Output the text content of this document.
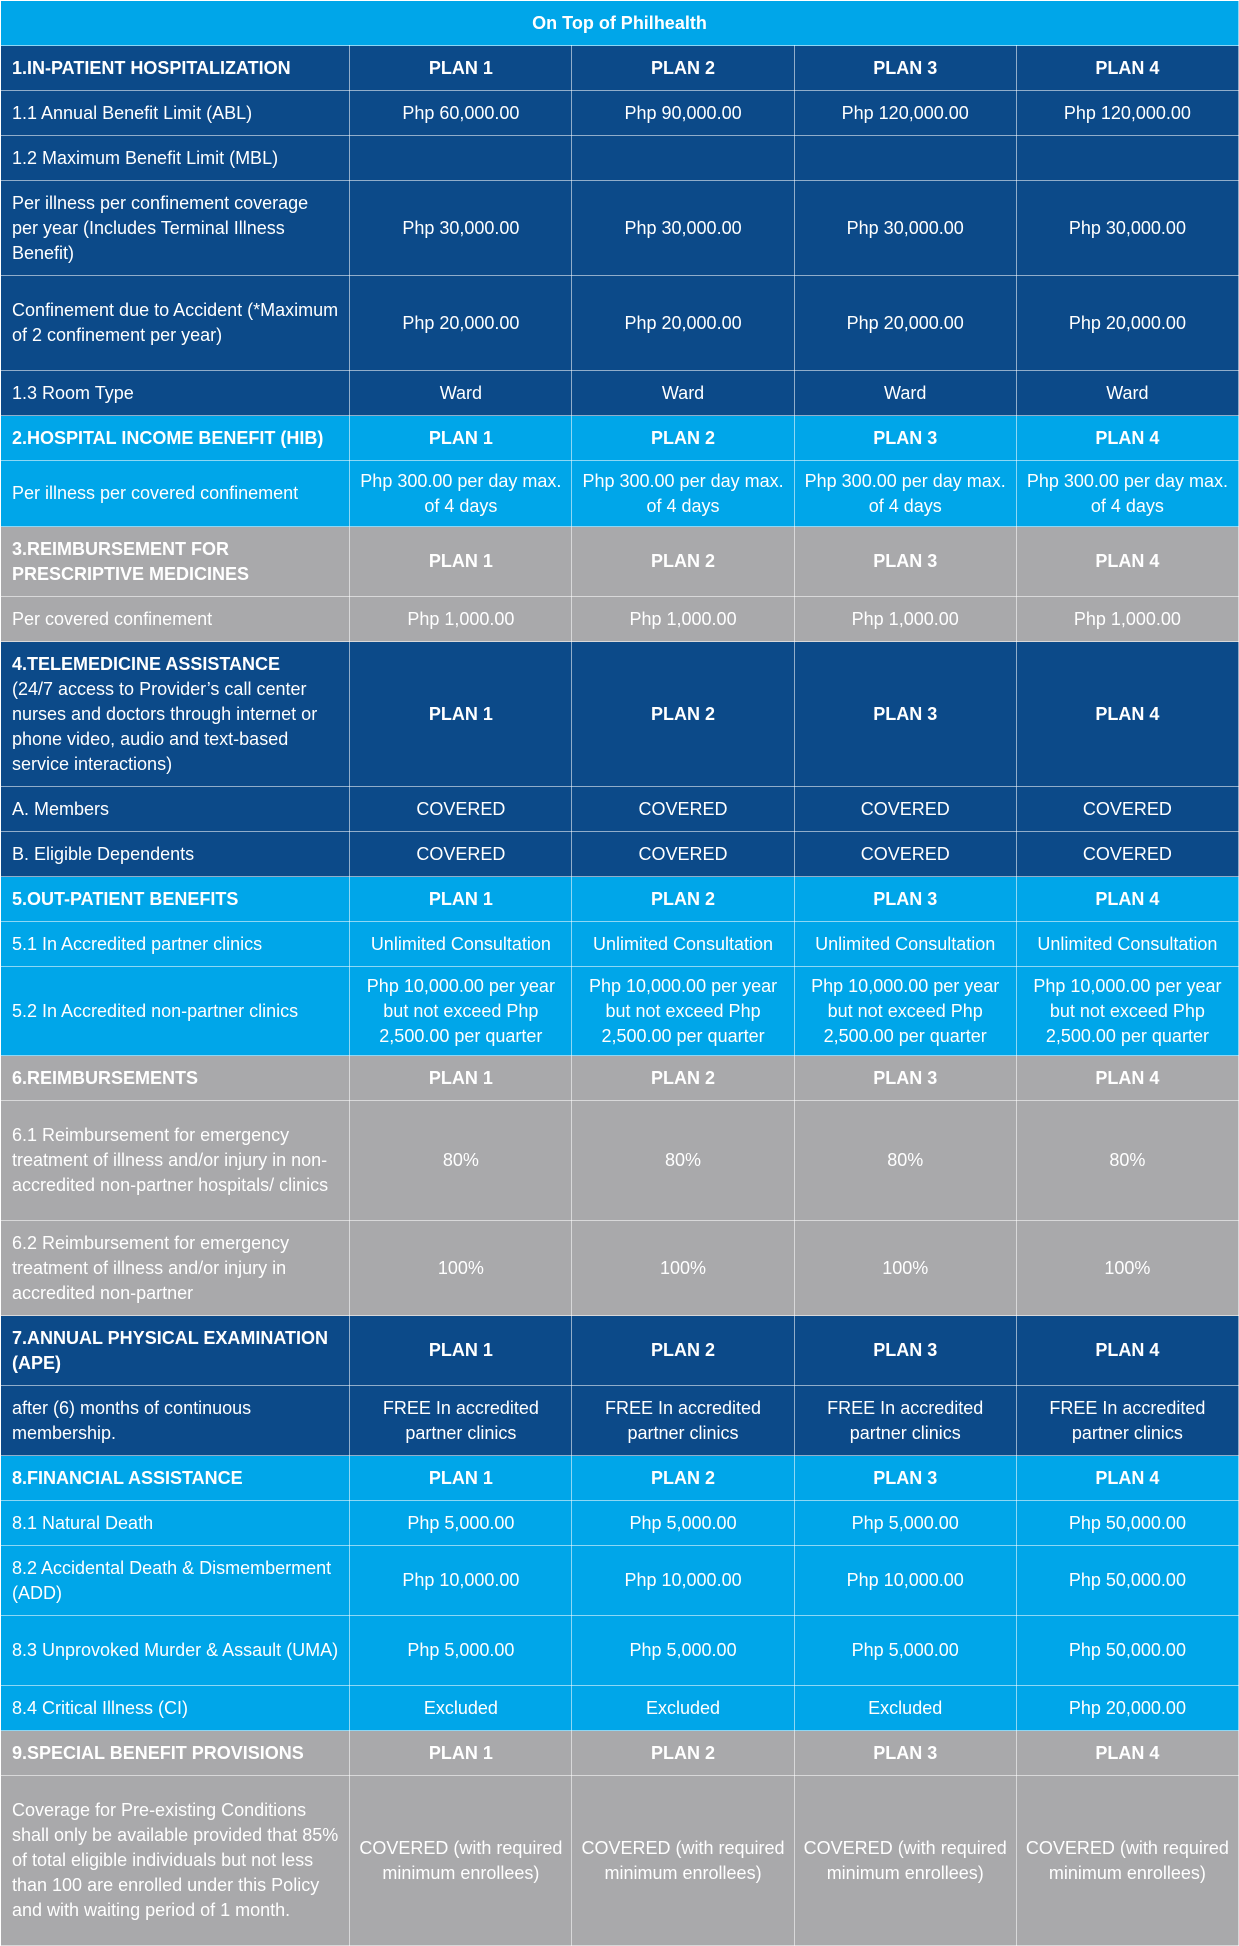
On Top of Philhealth				
1.IN-PATIENT HOSPITALIZATION	PLAN 1	PLAN 2	PLAN 3	PLAN 4
1.1 Annual Benefit Limit (ABL)	Php 60,000.00	Php 90,000.00	Php 120,000.00	Php 120,000.00
1.2 Maximum Benefit Limit (MBL)				
Per illness per confinement coverage per year (Includes Terminal Illness Benefit)	Php 30,000.00	Php 30,000.00	Php 30,000.00	Php 30,000.00
Confinement due to Accident (*Maximum of 2 confinement per year)	Php 20,000.00	Php 20,000.00	Php 20,000.00	Php 20,000.00
1.3 Room Type	Ward	Ward	Ward	Ward
2.HOSPITAL INCOME BENEFIT (HIB)	PLAN 1	PLAN 2	PLAN 3	PLAN 4
Per illness per covered confinement	Php 300.00 per day max. of 4 days	Php 300.00 per day max. of 4 days	Php 300.00 per day max. of 4 days	Php 300.00 per day max. of 4 days
3.REIMBURSEMENT FOR PRESCRIPTIVE MEDICINES	PLAN 1	PLAN 2	PLAN 3	PLAN 4
Per covered confinement	Php 1,000.00	Php 1,000.00	Php 1,000.00	Php 1,000.00
4.TELEMEDICINE ASSISTANCE
(24/7 access to Provider’s call center nurses and doctors through internet or phone video, audio and text-based service interactions)	PLAN 1	PLAN 2	PLAN 3	PLAN 4
A. Members	COVERED	COVERED	COVERED	COVERED
B. Eligible Dependents	COVERED	COVERED	COVERED	COVERED
5.OUT-PATIENT BENEFITS	PLAN 1	PLAN 2	PLAN 3	PLAN 4
5.1 In Accredited partner clinics	Unlimited Consultation	Unlimited Consultation	Unlimited Consultation	Unlimited Consultation
5.2 In Accredited non-partner clinics	Php 10,000.00 per year but not exceed Php 2,500.00 per quarter	Php 10,000.00 per year but not exceed Php 2,500.00 per quarter	Php 10,000.00 per year but not exceed Php 2,500.00 per quarter	Php 10,000.00 per year but not exceed Php 2,500.00 per quarter
6.REIMBURSEMENTS	PLAN 1	PLAN 2	PLAN 3	PLAN 4
6.1 Reimbursement for emergency treatment of illness and/or injury in non-accredited non-partner hospitals/ clinics	80%	80%	80%	80%
6.2 Reimbursement for emergency treatment of illness and/or injury in accredited non-partner	100%	100%	100%	100%
7.ANNUAL PHYSICAL EXAMINATION (APE)	PLAN 1	PLAN 2	PLAN 3	PLAN 4
after (6) months of continuous membership.	FREE In accredited partner clinics	FREE In accredited partner clinics	FREE In accredited partner clinics	FREE In accredited partner clinics
8.FINANCIAL ASSISTANCE	PLAN 1	PLAN 2	PLAN 3	PLAN 4
8.1 Natural Death	Php 5,000.00	Php 5,000.00	Php 5,000.00	Php 50,000.00
8.2 Accidental Death & Dismemberment (ADD)	Php 10,000.00	Php 10,000.00	Php 10,000.00	Php 50,000.00
8.3 Unprovoked Murder & Assault (UMA)	Php 5,000.00	Php 5,000.00	Php 5,000.00	Php 50,000.00
8.4 Critical Illness (CI)	Excluded	Excluded	Excluded	Php 20,000.00
9.SPECIAL BENEFIT PROVISIONS	PLAN 1	PLAN 2	PLAN 3	PLAN 4
Coverage for Pre-existing Conditions shall only be available provided that 85% of total eligible individuals but not less than 100 are enrolled under this Policy and with waiting period of 1 month.	COVERED (with required minimum enrollees)	COVERED (with required minimum enrollees)	COVERED (with required minimum enrollees)	COVERED (with required minimum enrollees)
